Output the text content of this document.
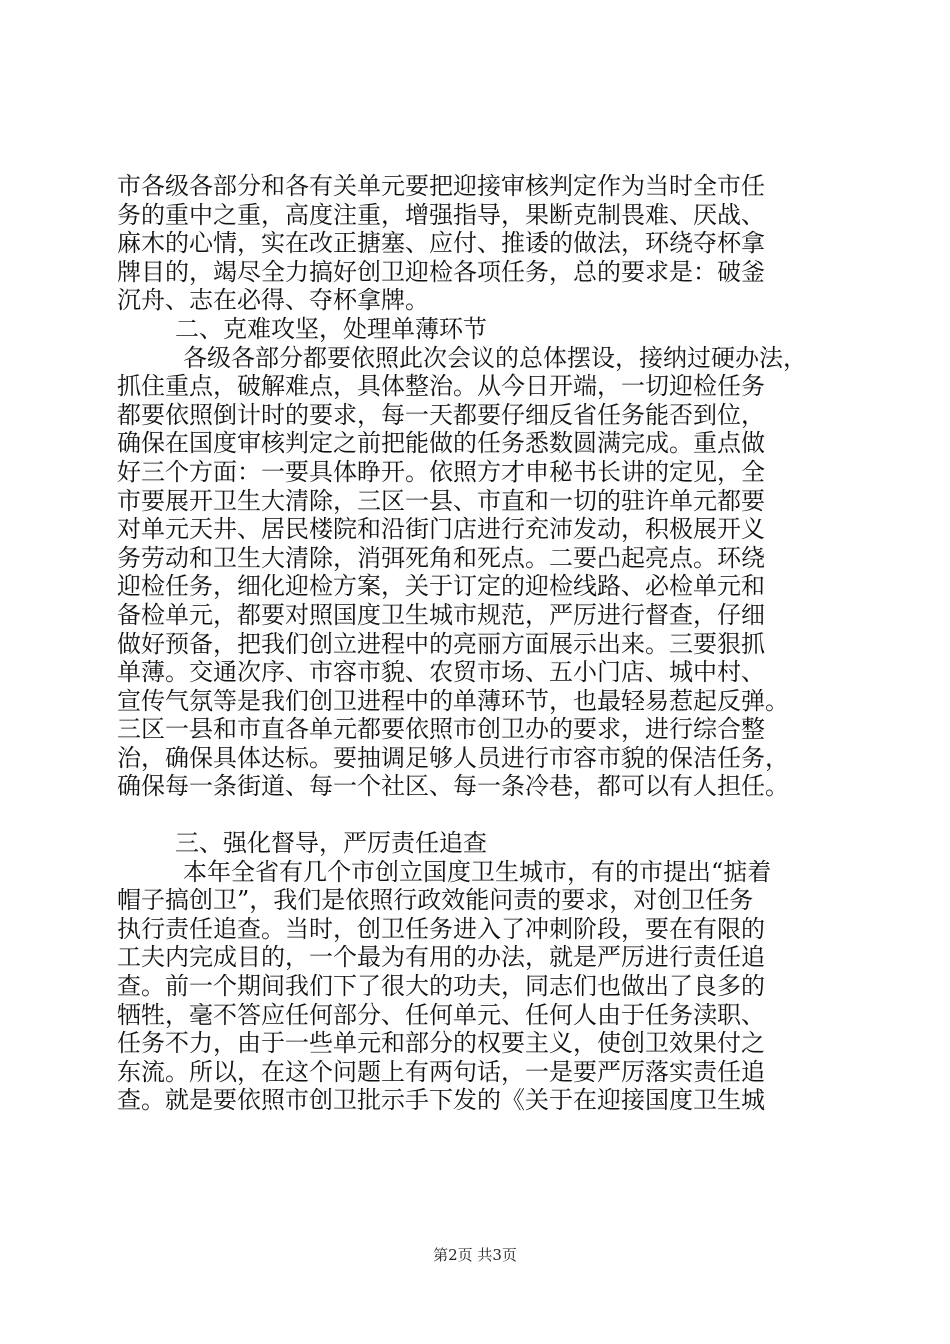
市各级各部分和各有关单元要把迎接审核判定作为当时全市任
务的重中之重，高度注重，增强指导，果断克制畏难、厌战、
麻木的心情，实在改正搪塞、应付、推诿的做法，环绕夺杯拿
牌目的，竭尽全力搞好创卫迎检各项任务，总的要求是：破釜
沉舟、志在必得、夺杯拿牌。
二、克难攻坚，处理单薄环节
各级各部分都要依照此次会议的总体摆设，接纳过硬办法，
抓住重点，破解难点，具体整治。从今日开端，一切迎检任务
都要依照倒计时的要求，每一天都要仔细反省任务能否到位，
确保在国度审核判定之前把能做的任务悉数圆满完成。重点做
好三个方面：一要具体睁开。依照方才申秘书长讲的定见，全
市要展开卫生大清除，三区一县、市直和一切的驻许单元都要
对单元天井、居民楼院和沿街门店进行充沛发动，积极展开义
务劳动和卫生大清除，消弭死角和死点。二要凸起亮点。环绕
迎检任务，细化迎检方案，关于订定的迎检线路、必检单元和
备检单元，都要对照国度卫生城市规范，严厉进行督查，仔细
做好预备，把我们创立进程中的亮丽方面展示出来。三要狠抓
单薄。交通次序、市容市貌、农贸市场、五小门店、城中村、
宣传气氛等是我们创卫进程中的单薄环节，也最轻易惹起反弹。
三区一县和市直各单元都要依照市创卫办的要求，进行综合整
治，确保具体达标。要抽调足够人员进行市容市貌的保洁任务，
确保每一条街道、每一个社区、每一条冷巷，都可以有人担任。
三、强化督导，严厉责任追查
本年全省有几个市创立国度卫生城市，有的市提出“掂着
帽子搞创卫”，我们是依照行政效能问责的要求，对创卫任务
执行责任追查。当时，创卫任务进入了冲刺阶段，要在有限的
工夫内完成目的，一个最为有用的办法，就是严厉进行责任追
查。前一个期间我们下了很大的功夫，同志们也做出了良多的
牺牲，毫不答应任何部分、任何单元、任何人由于任务渎职、
任务不力，由于一些单元和部分的权要主义，使创卫效果付之
东流。所以，在这个问题上有两句话，一是要严厉落实责任追
查。就是要依照市创卫批示手下发的《关于在迎接国度卫生城
第2页 共3页
